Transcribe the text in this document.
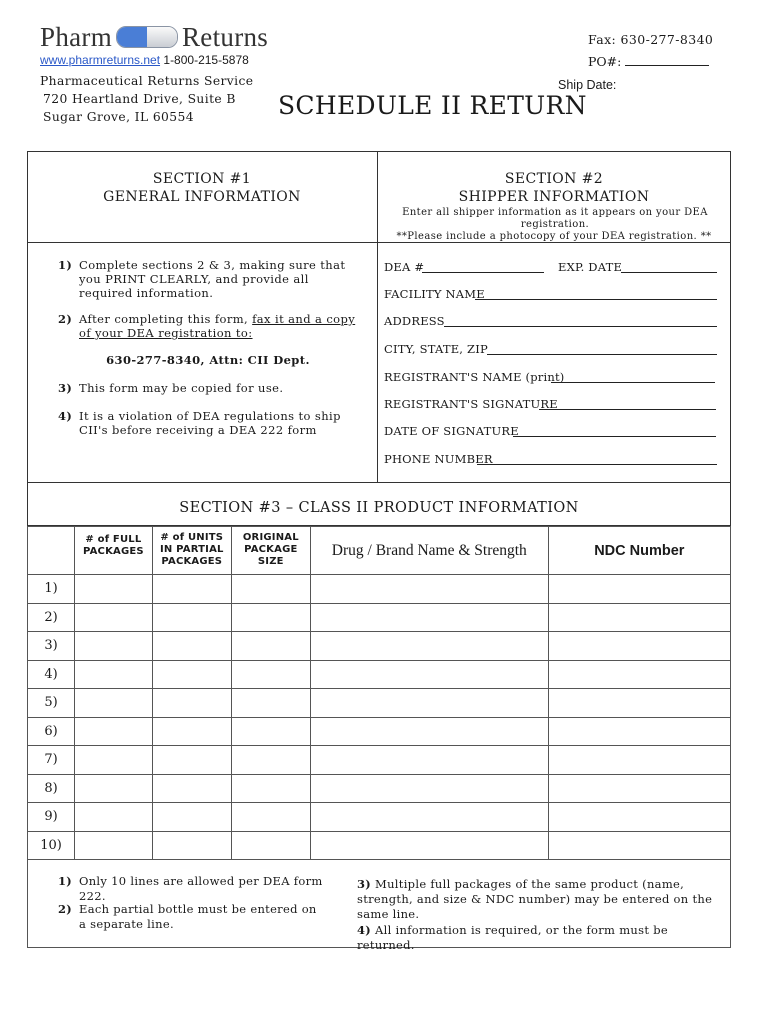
Pharm	Returns
www.pharmreturns.net 1-800-215-5878
Pharmaceutical Returns Service
720 Heartland Drive, Suite B
Sugar Grove, IL 60554	SCHEDULE II RETURN
Fax: 630-277-8340
PO#:
Ship Date:
SECTION #1
GENERAL INFORMATION
SECTION #2
SHIPPER INFORMATION
Enter all shipper information as it appears on your DEA registration.
**Please include a photocopy of your DEA registration. **
1) Complete sections 2 & 3, making sure that you PRINT CLEARLY, and provide all required information.
2) After completing this form, fax it and a copy of your DEA registration to:
630-277-8340, Attn: CII Dept.
3) This form may be copied for use.
4) It is a violation of DEA regulations to ship CII's before receiving a DEA 222 form
DEA #	EXP. DATE
FACILITY NAME
ADDRESS
CITY, STATE, ZIP
REGISTRANT'S NAME (print)
REGISTRANT'S SIGNATURE
DATE OF SIGNATURE
PHONE NUMBER
SECTION #3 – CLASS II PRODUCT INFORMATION

	# of FULL PACKAGES	# of UNITS IN PARTIAL PACKAGES	ORIGINAL PACKAGE SIZE	Drug / Brand Name & Strength	NDC Number
1)					
2)					
3)					
4)					
5)					
6)					
7)					
8)					
9)					
10)					
1) Only 10 lines are allowed per DEA form 222.
2) Each partial bottle must be entered on a separate line.
3) Multiple full packages of the same product (name, strength, and size & NDC number) may be entered on the same line.
4) All information is required, or the form must be returned.
